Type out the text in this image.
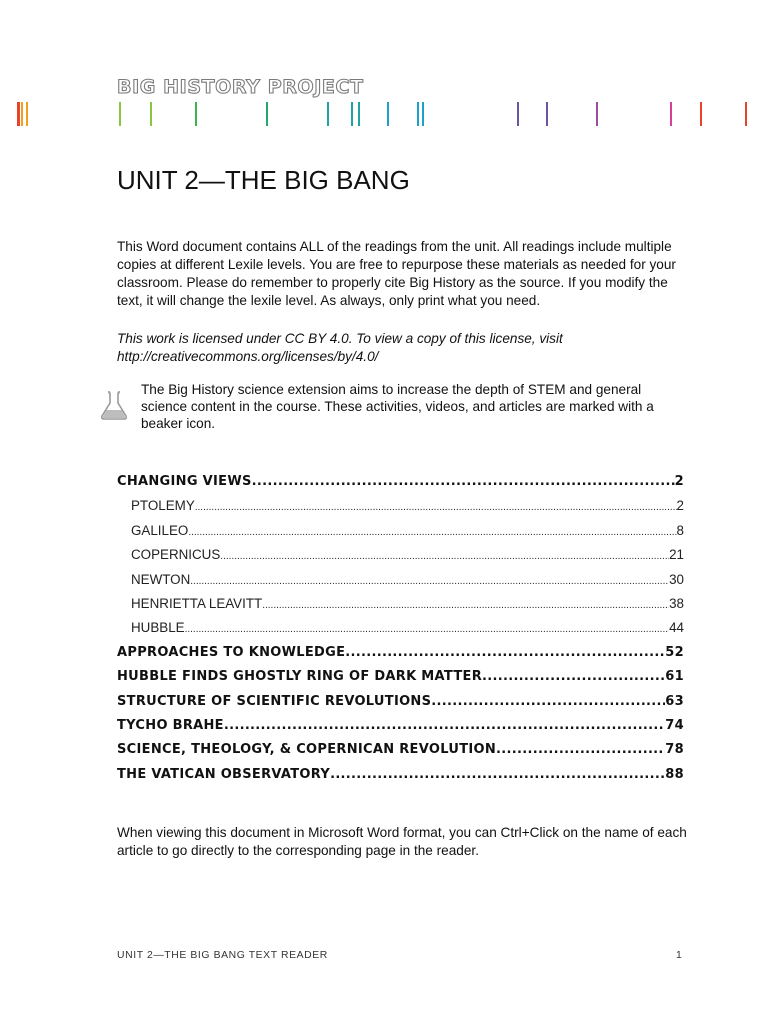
BIG HISTORY PROJECT
UNIT 2—THE BIG BANG

This Word document contains ALL of the readings from the unit. All readings include multiple copies at different Lexile levels. You are free to repurpose these materials as needed for your classroom. Please do remember to properly cite Big History as the source. If you modify the text, it will change the lexile level. As always, only print what you need.

This work is licensed under CC BY 4.0. To view a copy of this license, visit http://creativecommons.org/licenses/by/4.0/

The Big History science extension aims to increase the depth of STEM and general science content in the course. These activities, videos, and articles are marked with a beaker icon.

CHANGING VIEWS .....	2
PTOLEMY .....	2
GALILEO .....	8
COPERNICUS .....	21
NEWTON .....	30
HENRIETTA LEAVITT .....	38
HUBBLE .....	44
APPROACHES TO KNOWLEDGE .....	52
HUBBLE FINDS GHOSTLY RING OF DARK MATTER .....	61
STRUCTURE OF SCIENTIFIC REVOLUTIONS .....	63
TYCHO BRAHE .....	74
SCIENCE, THEOLOGY, & COPERNICAN REVOLUTION .....	78
THE VATICAN OBSERVATORY .....	88

When viewing this document in Microsoft Word format, you can Ctrl+Click on the name of each article to go directly to the corresponding page in the reader.

UNIT 2—THE BIG BANG TEXT READER	1
